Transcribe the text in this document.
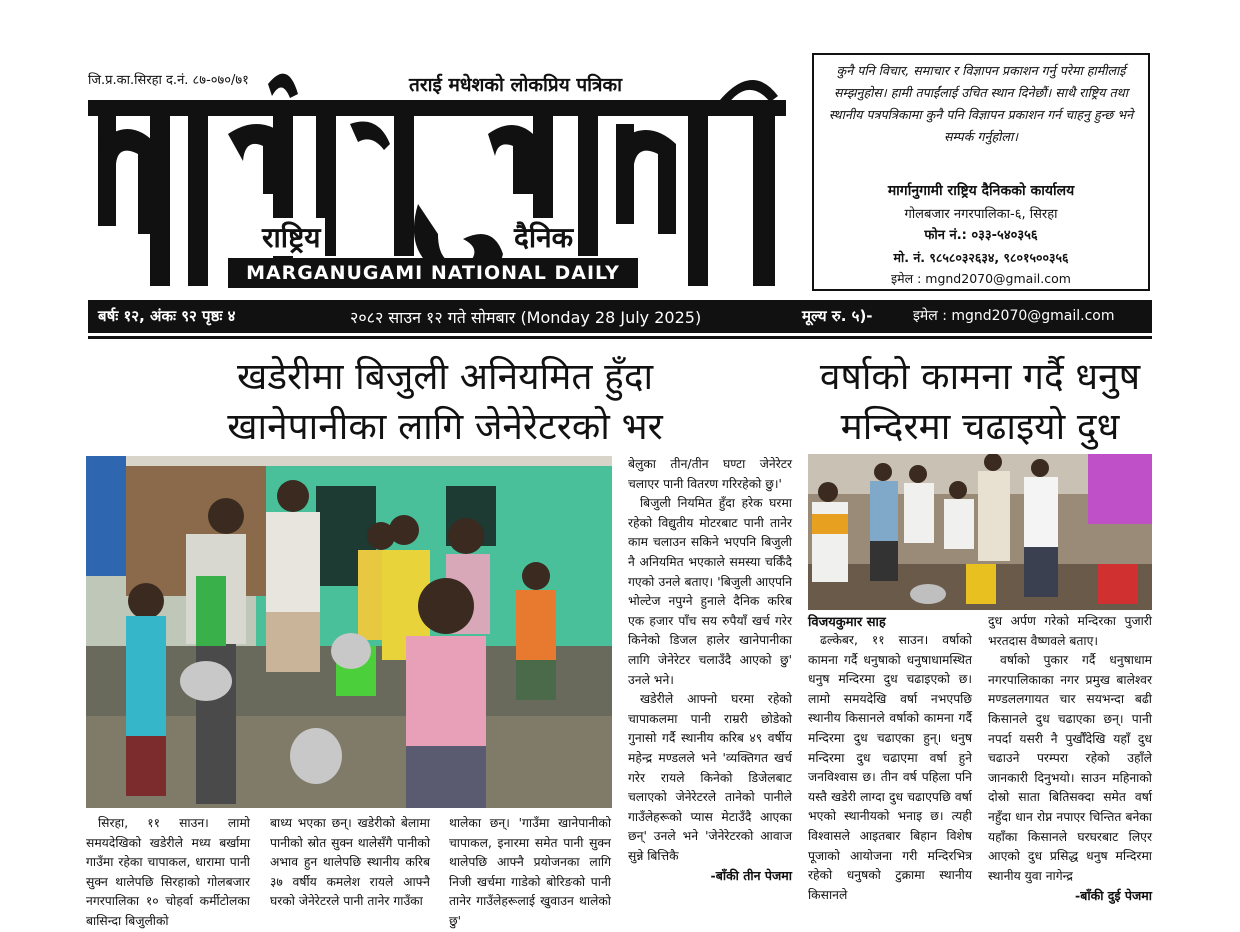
जि.प्र.का.सिरहा द.नं. ८७-०७०/७१	तराई मधेशको लोकप्रिय पत्रिका
राष्ट्रिय	दैनिक
MARGANUGAMI NATIONAL DAILY
कुनै पनि विचार, समाचार र विज्ञापन प्रकाशन गर्नु परेमा हामीलाई सम्झनुहोस। हामी तपाईंलाई उचित स्थान दिनेछौं। साथै राष्ट्रिय तथा स्थानीय पत्रपत्रिकामा कुनै पनि विज्ञापन प्रकाशन गर्न चाहनु हुन्छ भने सम्पर्क गर्नुहोला।
मार्गानुगामी राष्ट्रिय दैनिकको कार्यालय
गोलबजार नगरपालिका-६, सिरहा
फोन नं.: ०३३-५४०३५६
मो. नं. ९८५८०३२६३४, ९८०१५००३५६
इमेल : mgnd2070@gmail.com
बर्षः १२, अंकः ९२ पृष्ठः ४	२०८२ साउन १२ गते सोमबार (Monday 28 July 2025)	मूल्य रु. ५)-	इमेल : mgnd2070@gmail.com
खडेरीमा बिजुली अनियमित हुँदा
खानेपानीका लागि जेनेरेटरको भर
वर्षाको कामना गर्दै धनुष
मन्दिरमा चढाइयो दुध

सिरहा, ११ साउन। लामो समयदेखिको खडेरीले मध्य बर्खामा गाउँमा रहेका चापाकल, धारामा पानी सुक्न थालेपछि सिरहाको गोलबजार नगरपालिका १० चोहर्वा कर्मीटोलका बासिन्दा बिजुलीको

बाध्य भएका छन्। खडेरीको बेलामा पानीको स्रोत सुक्न थालेसँगै पानीको अभाव हुन थालेपछि स्थानीय करिब ३७ वर्षीय कमलेश रायले आफ्नै घरको जेनेरेटरले पानी तानेर गाउँका

थालेका छन्। 'गाउँमा खानेपानीको चापाकल, इनारमा समेत पानी सुक्न थालेपछि आफ्नै प्रयोजनका लागि निजी खर्चमा गाडेको बोरिङको पानी तानेर गाउँलेहरूलाई खुवाउन थालेको छु'

बेलुका तीन/तीन घण्टा जेनेरेटर चलाएर पानी वितरण गरिरहेको छु।'

बिजुली नियमित हुँदा हरेक घरमा रहेको विद्युतीय मोटरबाट पानी तानेर काम चलाउन सकिने भएपनि बिजुली नै अनियमित भएकाले समस्या चर्किँदै गएको उनले बताए। 'बिजुली आएपनि भोल्टेज नपुग्ने हुनाले दैनिक करिब एक हजार पाँच सय रुपैयाँ खर्च गरेर किनेको डिजल हालेर खानेपानीका लागि जेनेरेटर चलाउँदै आएको छु' उनले भने।

खडेरीले आफ्नो घरमा रहेको चापाकलमा पानी राम्ररी छोडेको गुनासो गर्दै स्थानीय करिब ४९ वर्षीय महेन्द्र मण्डलले भने 'व्यक्तिगत खर्च गरेर रायले किनेको डिजेलबाट चलाएको जेनेरेटरले तानेको पानीले गाउँलेहरूको प्यास मेटाउँदै आएका छन्' उनले भने 'जेनेरेटरको आवाज सुन्ने बित्तिकै

-बाँकी तीन पेजमा
विजयकुमार साह

ढल्केबर, ११ साउन। वर्षाको कामना गर्दै धनुषाको धनुषाधामस्थित धनुष मन्दिरमा दुध चढाइएको छ। लामो समयदेखि वर्षा नभएपछि स्थानीय किसानले वर्षाको कामना गर्दै मन्दिरमा दुध चढाएका हुन्। धनुष मन्दिरमा दुध चढाएमा वर्षा हुने जनविश्वास छ। तीन वर्ष पहिला पनि यस्तै खडेरी लाग्दा दुध चढाएपछि वर्षा भएको स्थानीयको भनाइ छ। त्यही विश्वासले आइतबार बिहान विशेष पूजाको आयोजना गरी मन्दिरभित्र रहेको धनुषको टुक्रामा स्थानीय किसानले

दुध अर्पण गरेको मन्दिरका पुजारी भरतदास वैष्णवले बताए।

वर्षाको पुकार गर्दै धनुषाधाम नगरपालिकाका नगर प्रमुख बालेश्वर मण्डललगायत चार सयभन्दा बढी किसानले दुध चढाएका छन्। पानी नपर्दा यसरी नै पुर्खौँदेखि यहाँ दुध चढाउने परम्परा रहेको उहाँले जानकारी दिनुभयो। साउन महिनाको दोस्रो साता बितिसक्दा समेत वर्षा नहुँदा धान रोप्न नपाएर चिन्तित बनेका यहाँका किसानले घरघरबाट लिएर आएको दुध प्रसिद्ध धनुष मन्दिरमा स्थानीय युवा नागेन्द्र

-बाँकी दुई पेजमा
